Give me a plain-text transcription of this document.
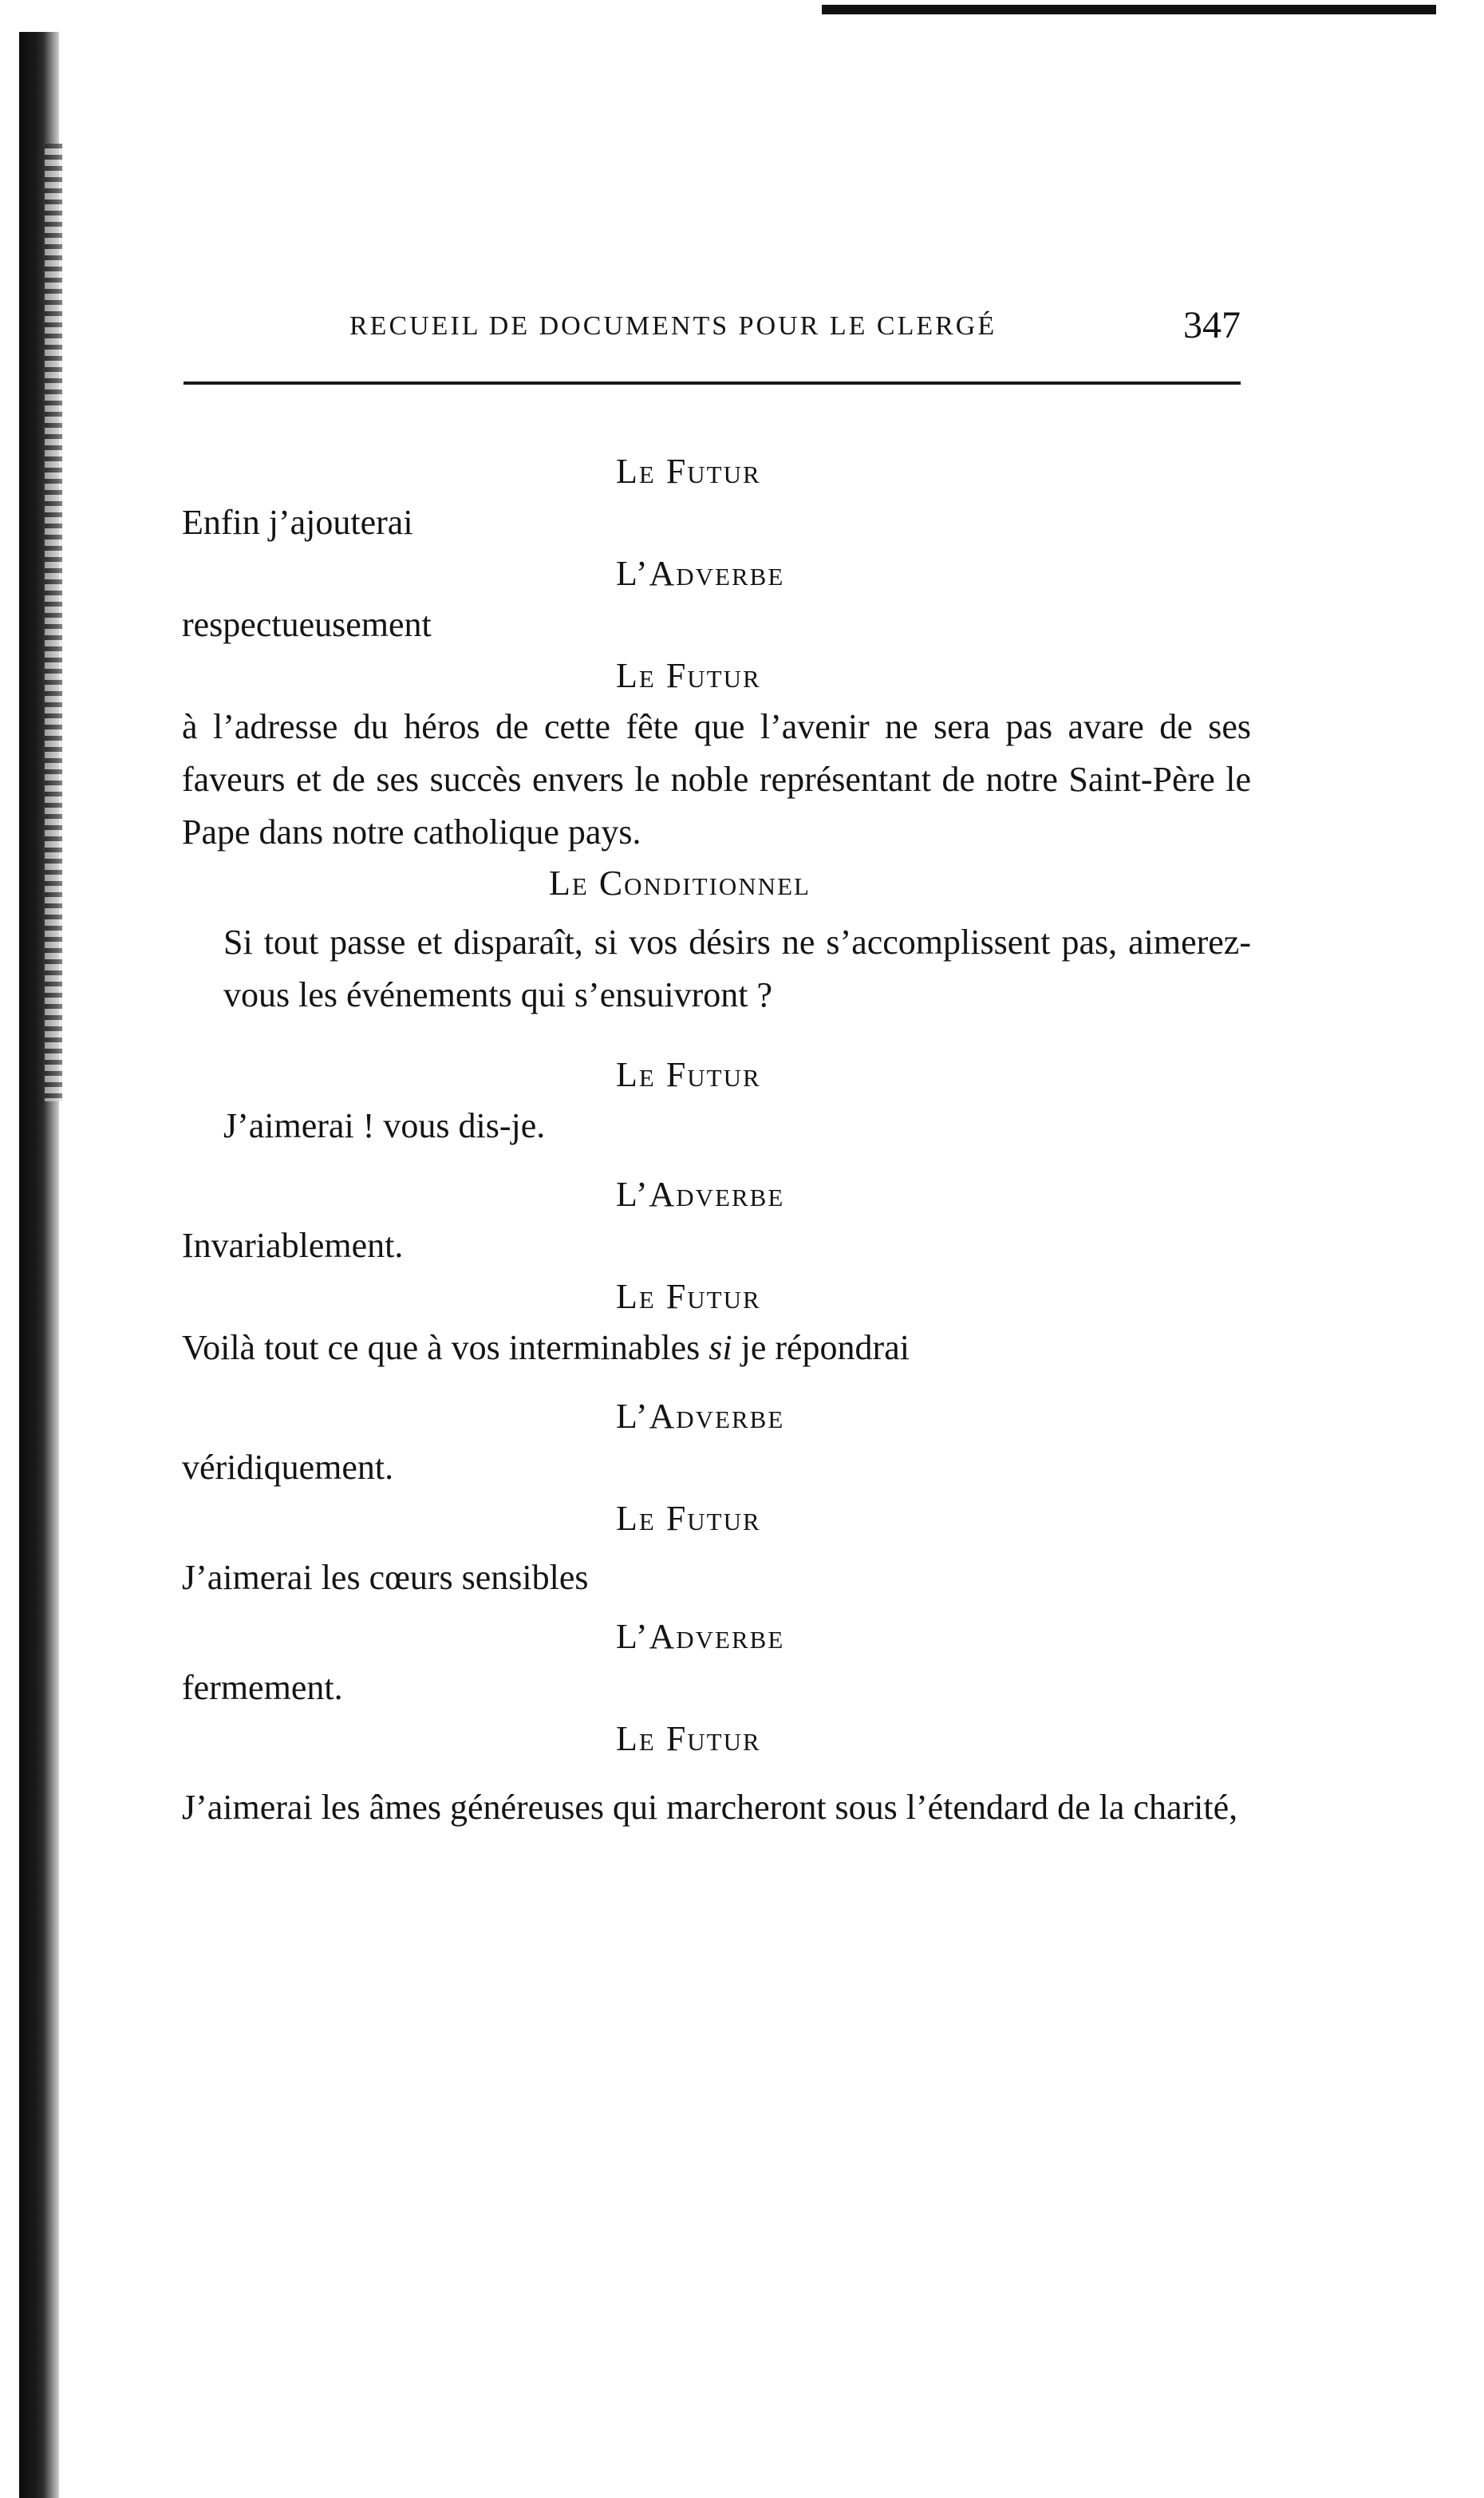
RECUEIL DE DOCUMENTS POUR LE CLERGÉ	347
Le Futur
Enfin j’ajouterai
L’Adverbe
respectueusement
Le Futur
à l’adresse du héros de cette fête que l’avenir ne sera pas avare de ses faveurs et de ses succès envers le noble représentant de notre Saint-Père le Pape dans notre catholique pays.
Le Conditionnel
Si tout passe et disparaît, si vos désirs ne s’accomplissent pas, aimerez-vous les événements qui s’ensuivront ?
Le Futur
J’aimerai ! vous dis-je.
L’Adverbe
Invariablement.
Le Futur
Voilà tout ce que à vos interminables si je répondrai
L’Adverbe
véridiquement.
Le Futur
J’aimerai les cœurs sensibles
L’Adverbe
fermement.
Le Futur
J’aimerai les âmes généreuses qui marcheront sous l’étendard de la charité,
